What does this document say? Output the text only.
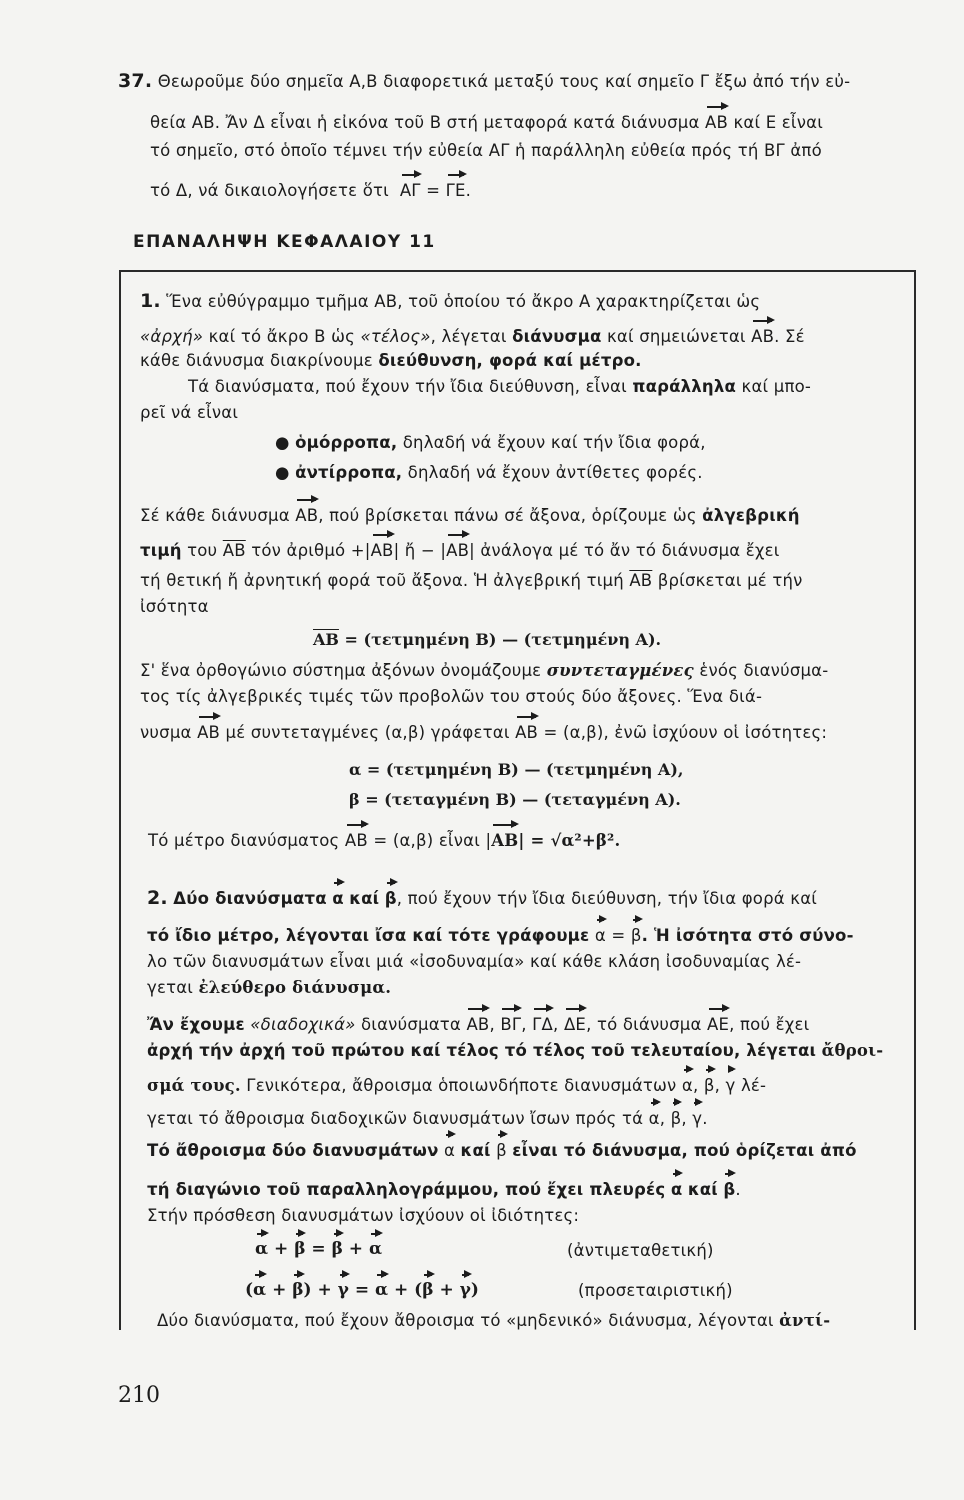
37. Θεωροῦμε δύο σημεῖα Α,Β διαφορετικά μεταξύ τους καί σημεῖο Γ ἔξω ἀπό τήν εὐ-
θεία ΑΒ. Ἄν Δ εἶναι ἡ εἰκόνα τοῦ Β στή μεταφορά κατά διάνυσμα ΑΒ καί Ε εἶναι
τό σημεῖο, στό ὁποῖο τέμνει τήν εὐθεία ΑΓ ἡ παράλληλη εὐθεία πρός τή ΒΓ ἀπό
τό Δ, νά δικαιολογήσετε ὅτι ΑΓ = ΓΕ.
ΕΠΑΝΑΛΗΨΗ ΚΕΦΑΛΑΙΟΥ 11
1. Ἕνα εὐθύγραμμο τμῆμα ΑΒ, τοῦ ὁποίου τό ἄκρο Α χαρακτηρίζεται ὡς
«ἀρχή» καί τό ἄκρο Β ὡς «τέλος», λέγεται διάνυσμα καί σημειώνεται ΑΒ. Σέ
κάθε διάνυσμα διακρίνουμε διεύθυνση, φορά καί μέτρο.
Τά διανύσματα, πού ἔχουν τήν ἴδια διεύθυνση, εἶναι παράλληλα καί μπο-
ρεῖ νά εἶναι
● ὁμόρροπα, δηλαδή νά ἔχουν καί τήν ἴδια φορά,
● ἀντίρροπα, δηλαδή νά ἔχουν ἀντίθετες φορές.
Σέ κάθε διάνυσμα ΑΒ, πού βρίσκεται πάνω σέ ἄξονα, ὁρίζουμε ὡς ἀλγεβρική
τιμή του $\overline{AB}$ τόν ἀριθμό +|ΑΒ| ἤ − |ΑΒ| ἀνάλογα μέ τό ἄν τό διάνυσμα ἔχει
τή θετική ἤ ἀρνητική φορά τοῦ ἄξονα. Ἡ ἀλγεβρική τιμή $\overline{AB}$ βρίσκεται μέ τήν
ἰσότητα
$\overline{AB} = (\tau\varepsilon\tau\mu\eta\mu έ\nu\eta$ Β) — (τετμημένη Α).
Σ' ἕνα ὀρθογώνιο σύστημα ἀξόνων ὀνομάζουμε συντεταγμένες ἑνός διανύσμα-
τος τίς ἀλγεβρικές τιμές τῶν προβολῶν του στούς δύο ἄξονες. Ἕνα διά-
νυσμα ΑΒ μέ συντεταγμένες (α,β) γράφεται ΑΒ = (α,β), ἐνῶ ἰσχύουν οἱ ἰσότητες:
α = (τετμημένη Β) — (τετμημένη Α),
β = (τεταγμένη Β) — (τεταγμένη Α).
Τό μέτρο διανύσματος ΑΒ = (α,β) εἶναι |ΑΒ| = √α²+β².
2. Δύο διανύσματα α καί β, πού ἔχουν τήν ἴδια διεύθυνση, τήν ἴδια φορά καί
τό ἴδιο μέτρο, λέγονται ἴσα καί τότε γράφουμε α = β. Ἡ ἰσότητα στό σύνο-
λο τῶν διανυσμάτων εἶναι μιά «ἰσοδυναμία» καί κάθε κλάση ἰσοδυναμίας λέ-
γεται ἐλεύθερο διάνυσμα.
Ἄν ἔχουμε «διαδοχικά» διανύσματα ΑΒ, ΒΓ, ΓΔ, ΔΕ, τό διάνυσμα ΑΕ, πού ἔχει
ἀρχή τήν ἀρχή τοῦ πρώτου καί τέλος τό τέλος τοῦ τελευταίου, λέγεται ἄθροι-
σμά τους. Γενικότερα, ἄθροισμα ὁποιωνδήποτε διανυσμάτων α, β, γ λέ-
γεται τό ἄθροισμα διαδοχικῶν διανυσμάτων ἴσων πρός τά α, β, γ.
Τό ἄθροισμα δύο διανυσμάτων α καί β εἶναι τό διάνυσμα, πού ὁρίζεται ἀπό
τή διαγώνιο τοῦ παραλληλογράμμου, πού ἔχει πλευρές α καί β.
Στήν πρόσθεση διανυσμάτων ἰσχύουν οἱ ἰδιότητες:
α + β = β + α	(ἀντιμεταθετική)
(α + β) + γ = α + (β + γ)	(προσεταιριστική)
Δύο διανύσματα, πού ἔχουν ἄθροισμα τό «μηδενικό» διάνυσμα, λέγονται ἀντί-
210
